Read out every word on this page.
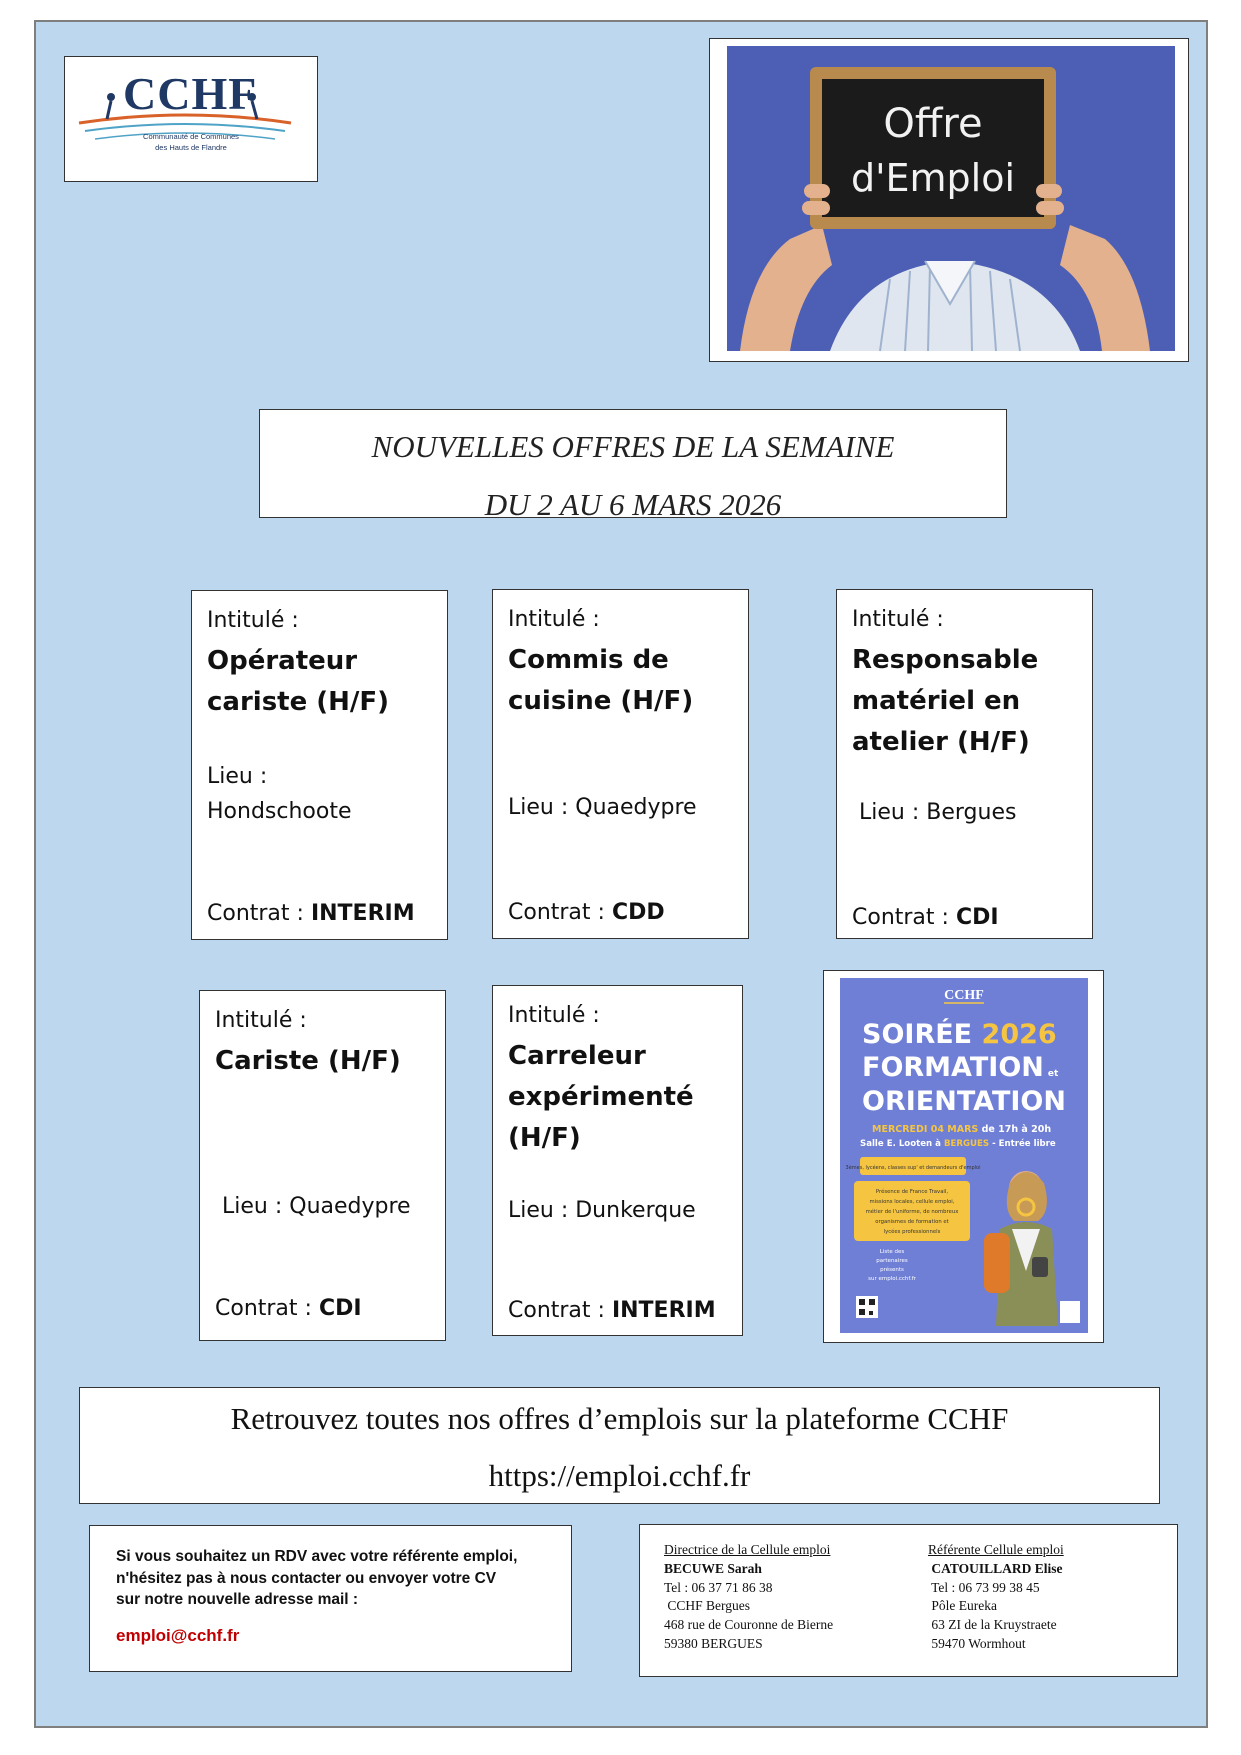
CCHF
Communauté de Communes
des Hauts de Flandre
Offre
d'Emploi
NOUVELLES OFFRES DE LA SEMAINE
DU 2 AU 6 MARS 2026
Intitulé :
Opérateur
cariste (H/F)
Lieu :
Hondschoote
Contrat : INTERIM
Intitulé :
Commis de
cuisine (H/F)
Lieu : Quaedypre
Contrat : CDD
Intitulé :
Responsable
matériel en
atelier (H/F)
Lieu : Bergues
Contrat : CDI
Intitulé :
Cariste (H/F)
Lieu : Quaedypre
Contrat : CDI
Intitulé :
Carreleur
expérimenté
(H/F)
Lieu : Dunkerque
Contrat : INTERIM
CCHF
SOIRÉE 2026
FORMATION et
ORIENTATION
MERCREDI 04 MARS de 17h à 20h
Salle E. Looten à BERGUES - Entrée libre
3èmes, lycéens, classes sup' et demandeurs d'emploi
Présence de France Travail,
missions locales, cellule emploi,
métier de l'uniforme, de nombreux
organismes de formation et
lycées professionnels
Liste des
partenaires
présents
sur emploi.cchf.fr
Retrouvez toutes nos offres d’emplois sur la plateforme CCHF
https://emploi.cchf.fr

Si vous souhaitez un RDV avec votre référente emploi,

n'hésitez pas à nous contacter ou envoyer votre CV

sur notre nouvelle adresse mail :

emploi@cchf.fr

Directrice de la Cellule emploi
BECUWE Sarah
Tel : 06 37 71 86 38
CCHF Bergues
468 rue de Couronne de Bierne
59380 BERGUES
Référente Cellule emploi
CATOUILLARD Elise
Tel : 06 73 99 38 45
Pôle Eureka
63 ZI de la Kruystraete
59470 Wormhout
